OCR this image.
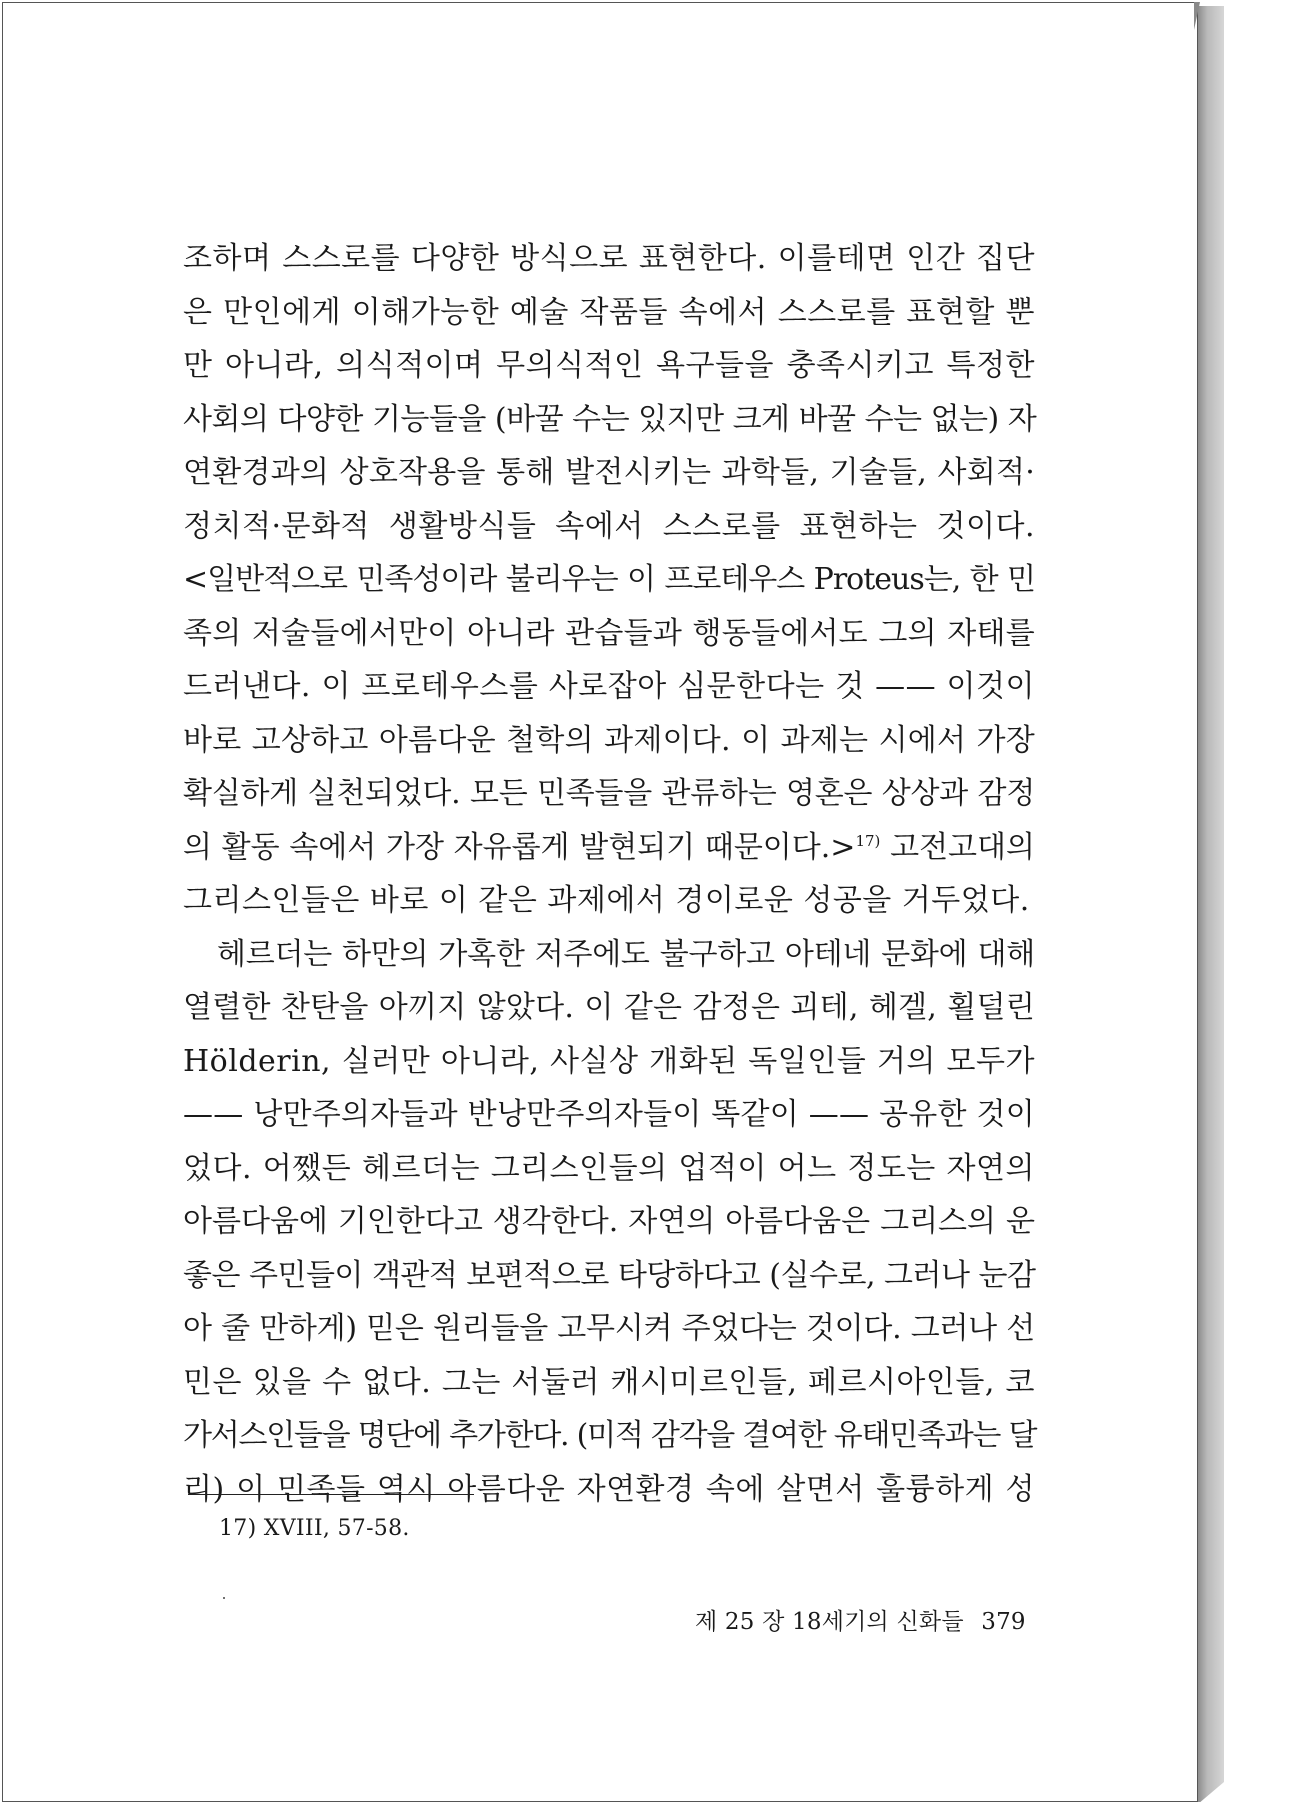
조하며 스스로를 다양한 방식으로 표현한다. 이를테면 인간 집단
은 만인에게 이해가능한 예술 작품들 속에서 스스로를 표현할 뿐
만 아니라, 의식적이며 무의식적인 욕구들을 충족시키고 특정한
사회의 다양한 기능들을 (바꿀 수는 있지만 크게 바꿀 수는 없는) 자
연환경과의 상호작용을 통해 발전시키는 과학들, 기술들, 사회적·
정치적·문화적 생활방식들 속에서 스스로를 표현하는 것이다.
<일반적으로 민족성이라 불리우는 이 프로테우스 Proteus는, 한 민
족의 저술들에서만이 아니라 관습들과 행동들에서도 그의 자태를
드러낸다. 이 프로테우스를 사로잡아 심문한다는 것 —— 이것이
바로 고상하고 아름다운 철학의 과제이다. 이 과제는 시에서 가장
확실하게 실천되었다. 모든 민족들을 관류하는 영혼은 상상과 감정
의 활동 속에서 가장 자유롭게 발현되기 때문이다.>$^{17)}$ 고전고대의
그리스인들은 바로 이 같은 과제에서 경이로운 성공을 거두었다.
헤르더는 하만의 가혹한 저주에도 불구하고 아테네 문화에 대해
열렬한 찬탄을 아끼지 않았다. 이 같은 감정은 괴테, 헤겔, 횔덜린
Hölderin, 실러만 아니라, 사실상 개화된 독일인들 거의 모두가
—— 낭만주의자들과 반낭만주의자들이 똑같이 —— 공유한 것이
었다. 어쨌든 헤르더는 그리스인들의 업적이 어느 정도는 자연의
아름다움에 기인한다고 생각한다. 자연의 아름다움은 그리스의 운
좋은 주민들이 객관적 보편적으로 타당하다고 (실수로, 그러나 눈감
아 줄 만하게) 믿은 원리들을 고무시켜 주었다는 것이다. 그러나 선
민은 있을 수 없다. 그는 서둘러 캐시미르인들, 페르시아인들, 코
가서스인들을 명단에 추가한다. (미적 감각을 결여한 유태민족과는 달
리) 이 민족들 역시 아름다운 자연환경 속에 살면서 훌륭하게 성
17) XVIII, 57-58.
제 25 장 18세기의 신화들 379
